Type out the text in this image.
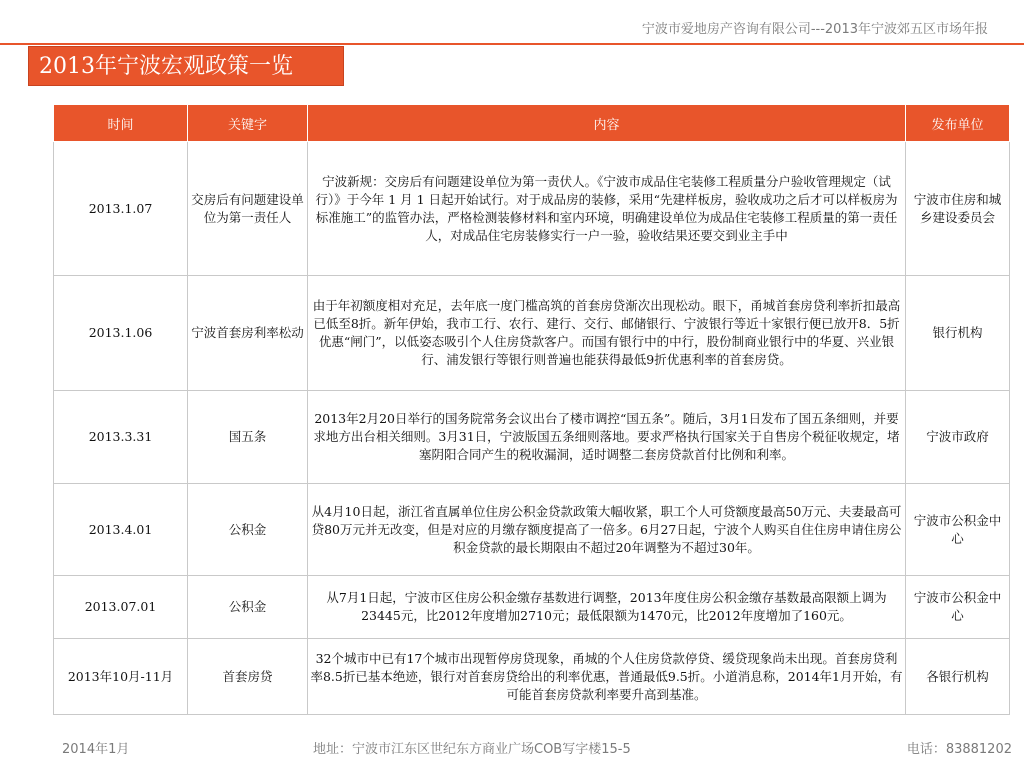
宁波市爱地房产咨询有限公司---2013年宁波郊五区市场年报
2013年宁波宏观政策一览
时间	关键字	内容	发布单位
2013.1.07	交房后有问题建设单位为第一责任人	宁波新规：交房后有问题建设单位为第一责伏人。《宁波市成品住宅装修工程质量分户验收管理规定（试行）》于今年 1 月 1 日起开始试行。对于成品房的装修，采用“先建样板房，验收成功之后才可以样板房为标准施工”的监管办法，严格检测装修材料和室内环境，明确建设单位为成品住宅装修工程质量的第一责任人，对成品住宅房装修实行一户一验，验收结果还要交到业主手中	宁波市住房和城乡建设委员会
2013.1.06	宁波首套房利率松动	由于年初额度相对充足，去年底一度门槛高筑的首套房贷渐次出现松动。眼下，甬城首套房贷利率折扣最高已低至8折。新年伊始，我市工行、农行、建行、交行、邮储银行、宁波银行等近十家银行便已放开8．5折优惠“闸门”，以低姿态吸引个人住房贷款客户。而国有银行中的中行，股份制商业银行中的华夏、兴业银行、浦发银行等银行则普遍也能获得最低9折优惠利率的首套房贷。	银行机构
2013.3.31	国五条	2013年2月20日举行的国务院常务会议出台了楼市调控“国五条”。随后，3月1日发布了国五条细则，并要求地方出台相关细则。3月31日，宁波版国五条细则落地。要求严格执行国家关于自售房个税征收规定，堵塞阴阳合同产生的税收漏洞，适时调整二套房贷款首付比例和利率。	宁波市政府
2013.4.01	公积金	从4月10日起，浙江省直属单位住房公积金贷款政策大幅收紧，职工个人可贷额度最高50万元、夫妻最高可贷80万元并无改变，但是对应的月缴存额度提高了一倍多。6月27日起，宁波个人购买自住住房申请住房公积金贷款的最长期限由不超过20年调整为不超过30年。	宁波市公积金中心
2013.07.01	公积金	从7月1日起，宁波市区住房公积金缴存基数进行调整，2013年度住房公积金缴存基数最高限额上调为23445元，比2012年度增加2710元；最低限额为1470元，比2012年度增加了160元。	宁波市公积金中心
2013年10月-11月	首套房贷	32个城市中已有17个城市出现暂停房贷现象，甬城的个人住房贷款停贷、缓贷现象尚未出现。首套房贷利率8.5折已基本绝迹，银行对首套房贷给出的利率优惠，普通最低9.5折。小道消息称，2014年1月开始，有可能首套房贷款利率要升高到基准。	各银行机构
2014年1月	地址：宁波市江东区世纪东方商业广场COB写字楼15-5	电话：83881202
